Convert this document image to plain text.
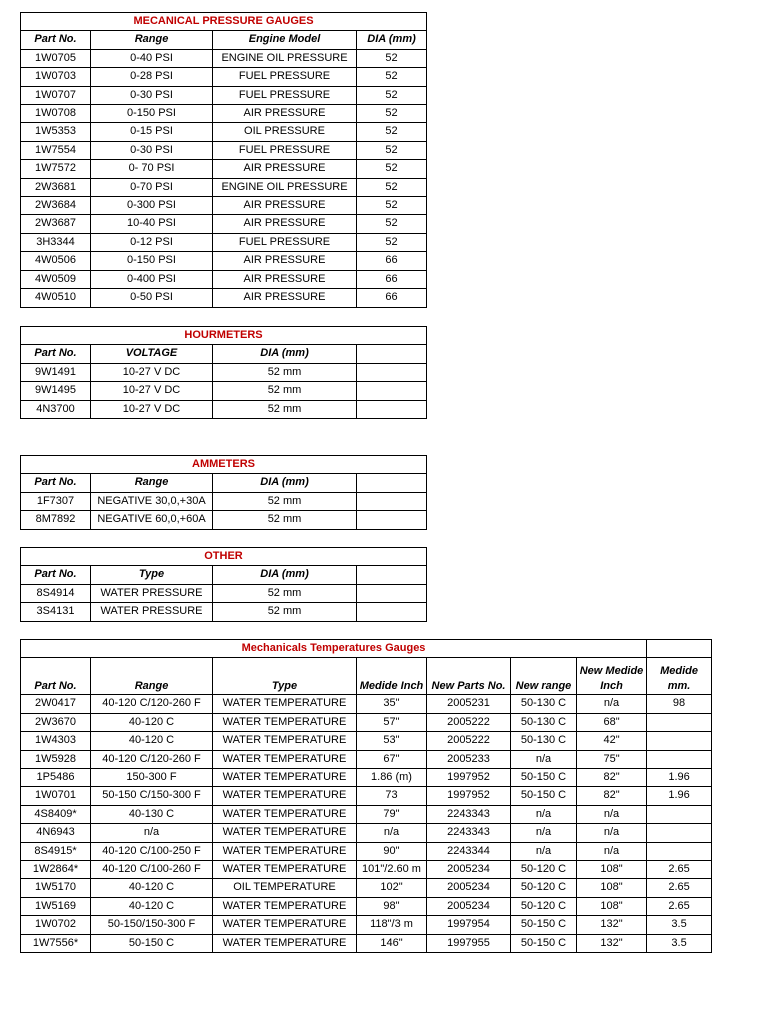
MECANICAL PRESSURE GAUGES			
Part No.	Range	Engine Model	DIA (mm)
1W0705	0-40 PSI	ENGINE OIL PRESSURE	52
1W0703	0-28 PSI	FUEL PRESSURE	52
1W0707	0-30 PSI	FUEL PRESSURE	52
1W0708	0-150 PSI	AIR PRESSURE	52
1W5353	0-15 PSI	OIL PRESSURE	52
1W7554	0-30 PSI	FUEL PRESSURE	52
1W7572	0- 70 PSI	AIR PRESSURE	52
2W3681	0-70 PSI	ENGINE OIL PRESSURE	52
2W3684	0-300 PSI	AIR PRESSURE	52
2W3687	10-40 PSI	AIR PRESSURE	52
3H3344	0-12 PSI	FUEL PRESSURE	52
4W0506	0-150 PSI	AIR PRESSURE	66
4W0509	0-400 PSI	AIR PRESSURE	66
4W0510	0-50 PSI	AIR PRESSURE	66
HOURMETERS			
Part No.	VOLTAGE	DIA (mm)	
9W1491	10-27 V DC	52 mm	
9W1495	10-27 V DC	52 mm	
4N3700	10-27 V DC	52 mm	
AMMETERS			
Part No.	Range	DIA (mm)	
1F7307	NEGATIVE 30,0,+30A	52 mm	
8M7892	NEGATIVE 60,0,+60A	52 mm	
OTHER			
Part No.	Type	DIA (mm)	
8S4914	WATER PRESSURE	52 mm	
3S4131	WATER PRESSURE	52 mm	
Mechanicals Temperatures Gauges							
Part No.	Range	Type	Medide Inch	New Parts No.	New range	New Medide Inch	Medide mm.
2W0417	40-120 C/120-260 F	WATER TEMPERATURE	35"	2005231	50-130 C	n/a	98
2W3670	40-120 C	WATER TEMPERATURE	57"	2005222	50-130 C	68"	
1W4303	40-120 C	WATER TEMPERATURE	53"	2005222	50-130 C	42"	
1W5928	40-120 C/120-260 F	WATER TEMPERATURE	67"	2005233	n/a	75"	
1P5486	150-300 F	WATER TEMPERATURE	1.86 (m)	1997952	50-150 C	82"	1.96
1W0701	50-150 C/150-300 F	WATER TEMPERATURE	73	1997952	50-150 C	82"	1.96
4S8409*	40-130 C	WATER TEMPERATURE	79"	2243343	n/a	n/a	
4N6943	n/a	WATER TEMPERATURE	n/a	2243343	n/a	n/a	
8S4915*	40-120 C/100-250 F	WATER TEMPERATURE	90"	2243344	n/a	n/a	
1W2864*	40-120 C/100-260 F	WATER TEMPERATURE	101"/2.60 m	2005234	50-120 C	108"	2.65
1W5170	40-120 C	OIL TEMPERATURE	102"	2005234	50-120 C	108"	2.65
1W5169	40-120 C	WATER TEMPERATURE	98"	2005234	50-120 C	108"	2.65
1W0702	50-150/150-300 F	WATER TEMPERATURE	118"/3 m	1997954	50-150 C	132"	3.5
1W7556*	50-150 C	WATER TEMPERATURE	146"	1997955	50-150 C	132"	3.5
